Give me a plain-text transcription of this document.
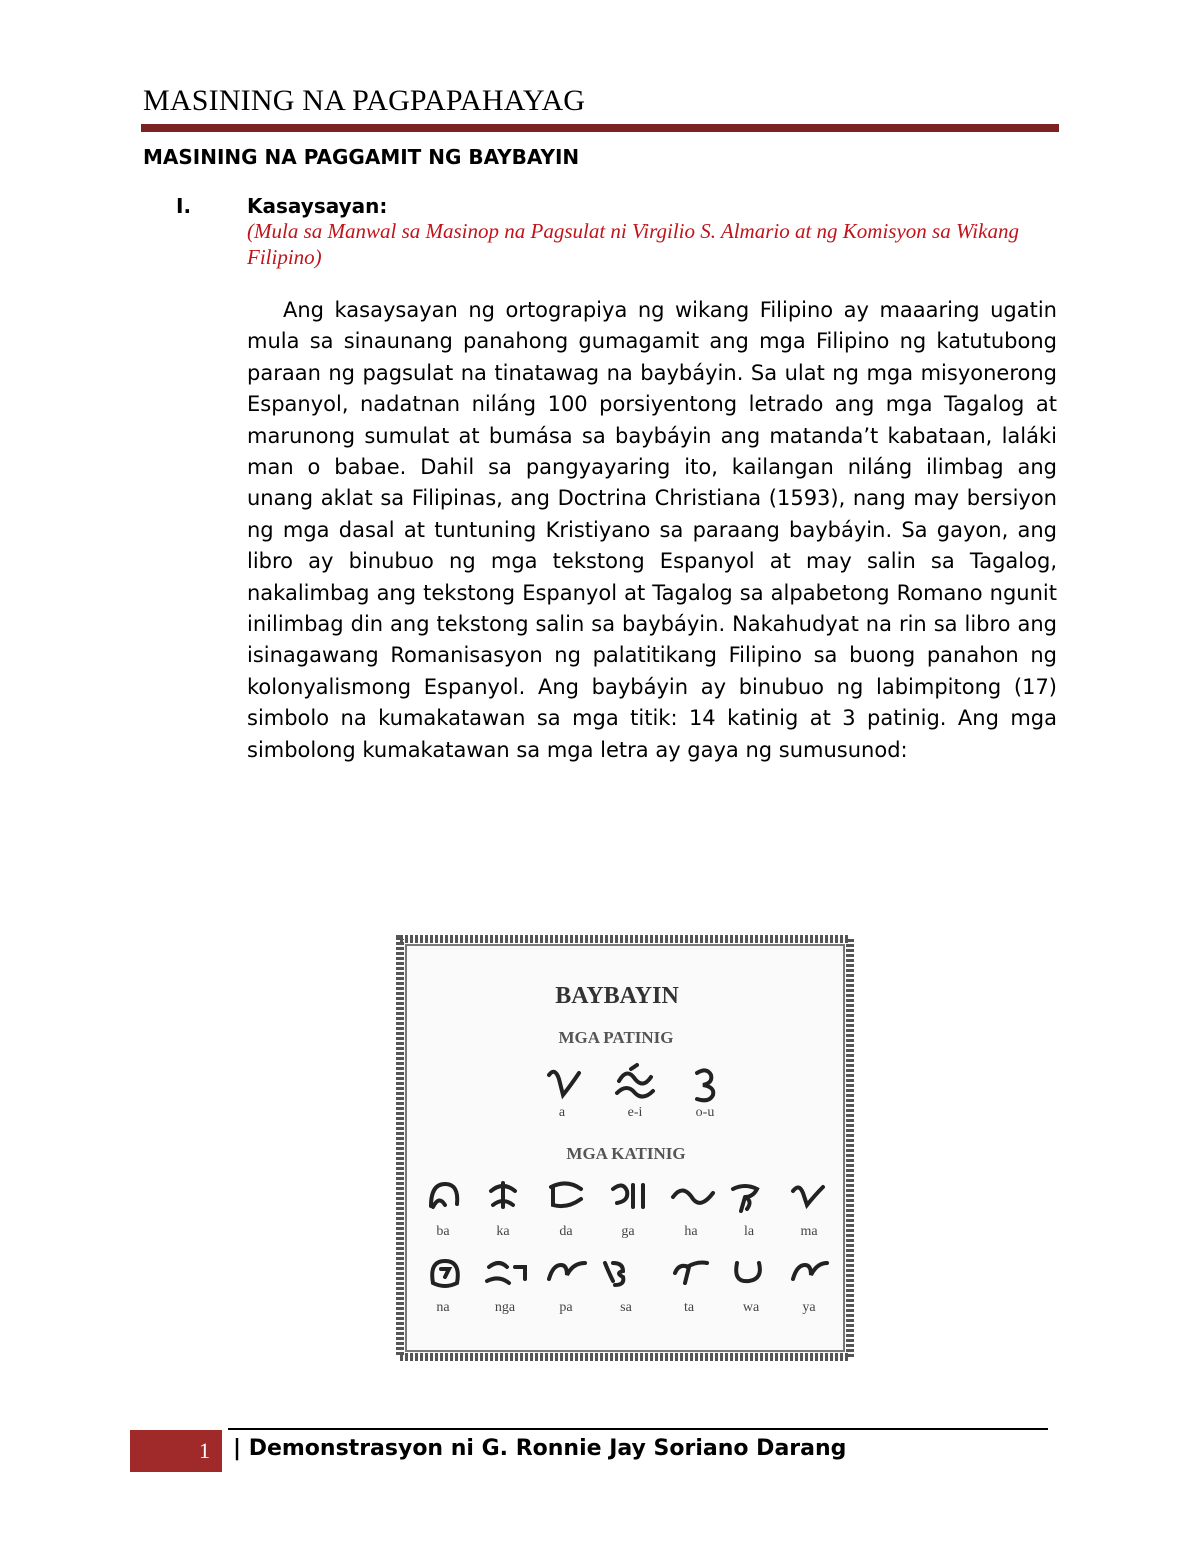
MASINING NA PAGPAPAHAYAG
MASINING NA PAGGAMIT NG BAYBAYIN
I.	Kasaysayan:
(Mula sa Manwal sa Masinop na Pagsulat ni Virgilio S. Almario at ng Komisyon sa Wikang Filipino)
Ang kasaysayan ng ortograpiya ng wikang Filipino ay maaaring ugatin mula sa sinaunang panahong gumagamit ang mga Filipino ng katutubong paraan ng pagsulat na tinatawag na baybáyin. Sa ulat ng mga misyonerong Espanyol, nadatnan niláng 100 porsiyentong letrado ang mga Tagalog at marunong sumulat at bumása sa baybáyin ang matanda’t kabataan, laláki man o babae. Dahil sa pangyayaring ito, kailangan niláng ilimbag ang unang aklat sa Filipinas, ang Doctrina Christiana (1593), nang may bersiyon ng mga dasal at tuntuning Kristiyano sa paraang baybáyin. Sa gayon, ang libro ay binubuo ng mga tekstong Espanyol at may salin sa Tagalog, nakalimbag ang tekstong Espanyol at Tagalog sa alpabetong Romano ngunit inilimbag din ang tekstong salin sa baybáyin. Nakahudyat na rin sa libro ang isinagawang Romanisasyon ng palatitikang Filipino sa buong panahon ng kolonyalismong Espanyol. Ang baybáyin ay binubuo ng labimpitong (17) simbolo na kumakatawan sa mga titik: 14 katinig at 3 patinig. Ang mga simbolong kumakatawan sa mga letra ay gaya ng sumusunod:
BAYBAYIN
MGA PATINIG
a	e-i	o-u
MGA KATINIG
ba	ka	da	ga	ha	la	ma
na	nga	pa	sa	ta	wa	ya
1 | Demonstrasyon ni G. Ronnie Jay Soriano Darang
